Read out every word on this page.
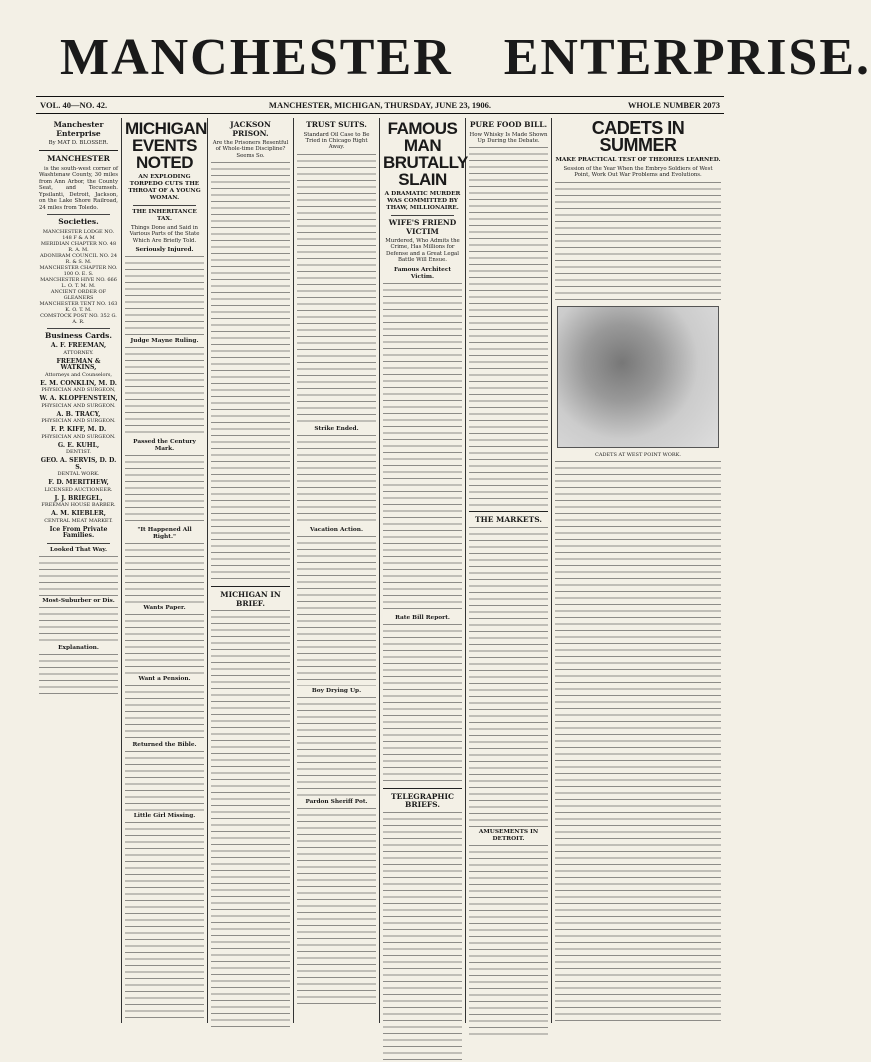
MANCHESTER ENTERPRISE.
VOL. 40—NO. 42.	MANCHESTER, MICHIGAN, THURSDAY, JUNE 23, 1906.	WHOLE NUMBER 2073
Manchester Enterprise
By MAT D. BLOSSER.
MANCHESTER

is the south-west corner of Washtenaw County, 30 miles from Ann Arbor, the County Seat, and Tecumseh. Ypsilanti, Detroit, Jackson, on the Lake Shore Railroad, 24 miles from Toledo.

Societies.
MANCHESTER LODGE NO. 148 F & A M
MERIDIAN CHAPTER NO. 48 R. A. M.
ADONIRAM COUNCIL NO. 24 R. & S. M.
MANCHESTER CHAPTER NO. 100 O. E. S.
MANCHESTER HIVE NO. 666 L. O. T. M. M.
ANCIENT ORDER OF GLEANERS
MANCHESTER TENT NO. 163 K. O. T. M.
COMSTOCK POST NO. 352 G. A. R.
Business Cards.
A. F. FREEMAN,
ATTORNEY.
FREEMAN & WATKINS,
Attorneys and Counselors,
E. M. CONKLIN, M. D.
PHYSICIAN AND SURGEON,
W. A. KLOPFENSTEIN,
PHYSICIAN AND SURGEON.
A. B. TRACY,
PHYSICIAN AND SURGEON.
F. P. KIFF, M. D.
PHYSICIAN AND SURGEON.
G. E. KUHL,
DENTIST.
GEO. A. SERVIS, D. D. S.
DENTAL WORK.
F. D. MERITHEW,
LICENSED AUCTIONEER.
J. J. BRIEGEL,
FREEMAN HOUSE BARBER.
A. M. KIEBLER,
CENTRAL MEAT MARKET.
Ice From Private Families.
Looked That Way.
Most-Suburber or Dis.
Explanation.
MICHIGAN EVENTS NOTED
AN EXPLODING TORPEDO CUTS THE THROAT OF A YOUNG WOMAN.
THE INHERITANCE TAX.
Things Done and Said in Various Parts of the State Which Are Briefly Told.
Seriously Injured.
Judge Mayne Ruling.
Passed the Century Mark.
"It Happened All Right."
Wants Paper.
Want a Pension.
Returned the Bible.
Little Girl Missing.
JACKSON PRISON.
Are the Prisoners Resentful of Whole-time Discipline? Seems So.
MICHIGAN IN BRIEF.
TRUST SUITS.
Standard Oil Case to Be Tried in Chicago Right Away.
Strike Ended.
Vacation Action.
Boy Drying Up.
Pardon Sheriff Pot.
FAMOUS MAN BRUTALLY SLAIN
A DRAMATIC MURDER WAS COMMITTED BY THAW, MILLIONAIRE.
WIFE'S FRIEND VICTIM
Murdered, Who Admits the Crime, Has Millions for Defense and a Great Legal Battle Will Ensue.
Famous Architect Victim.
Rate Bill Report.
TELEGRAPHIC BRIEFS.
PURE FOOD BILL.
How Whisky Is Made Shown Up During the Debate.
THE MARKETS.
AMUSEMENTS IN DETROIT.
CADETS IN SUMMER
MAKE PRACTICAL TEST OF THEORIES LEARNED.
Session of the Year When the Embryo Soldiers of West Point, Work Out War Problems and Evolutions.
CADETS AT WEST POINT WORK.
